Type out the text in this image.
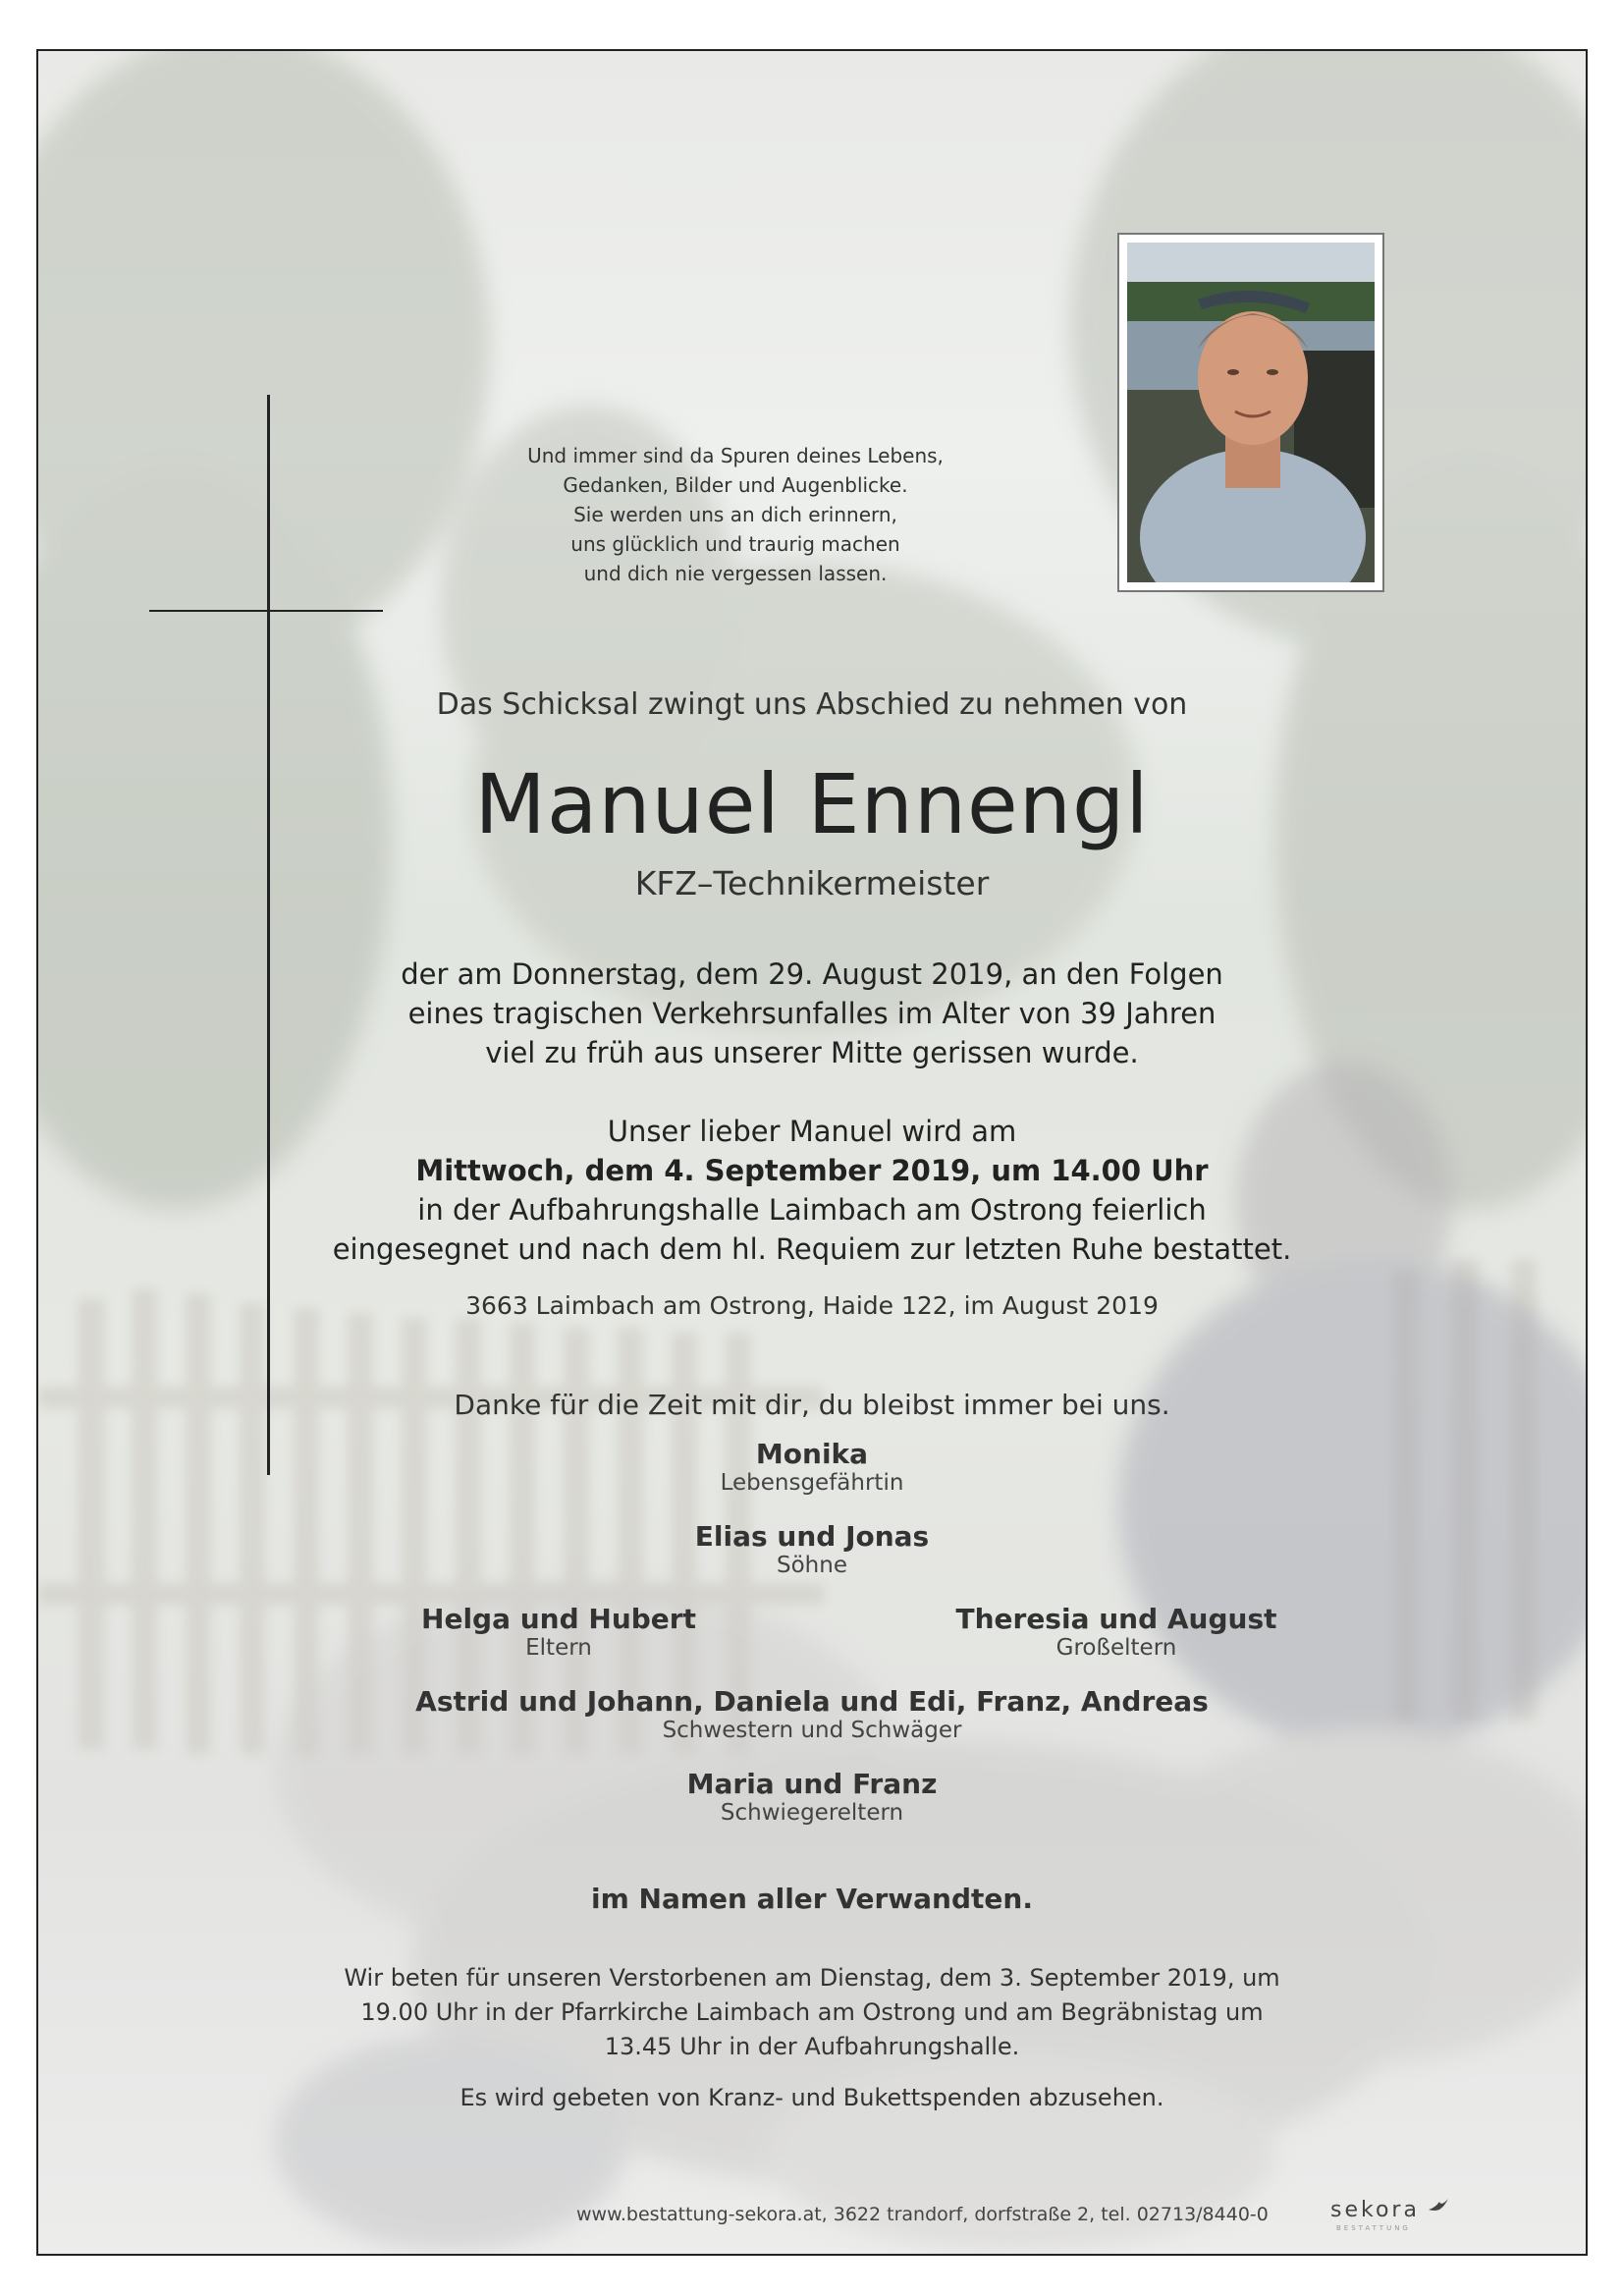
Und immer sind da Spuren deines Lebens,
Gedanken, Bilder und Augenblicke.
Sie werden uns an dich erinnern,
uns glücklich und traurig machen
und dich nie vergessen lassen.
Das Schicksal zwingt uns Abschied zu nehmen von
Manuel Ennengl
KFZ–Technikermeister
der am Donnerstag, dem 29. August 2019, an den Folgen
eines tragischen Verkehrsunfalles im Alter von 39 Jahren
viel zu früh aus unserer Mitte gerissen wurde.
Unser lieber Manuel wird am
Mittwoch, dem 4. September 2019, um 14.00 Uhr
in der Aufbahrungshalle Laimbach am Ostrong feierlich
eingesegnet und nach dem hl. Requiem zur letzten Ruhe bestattet.
3663 Laimbach am Ostrong, Haide 122, im August 2019
Danke für die Zeit mit dir, du bleibst immer bei uns.
Monika
Lebensgefährtin
Elias und Jonas
Söhne
Helga und Hubert
Eltern
Theresia und August
Großeltern
Astrid und Johann, Daniela und Edi, Franz, Andreas
Schwestern und Schwäger
Maria und Franz
Schwiegereltern
im Namen aller Verwandten.
Wir beten für unseren Verstorbenen am Dienstag, dem 3. September 2019, um
19.00 Uhr in der Pfarrkirche Laimbach am Ostrong und am Begräbnistag um
13.45 Uhr in der Aufbahrungshalle.
Es wird gebeten von Kranz- und Bukettspenden abzusehen.
www.bestattung-sekora.at, 3622 trandorf, dorfstraße 2, tel. 02713/8440-0	sekora
BESTATTUNG
